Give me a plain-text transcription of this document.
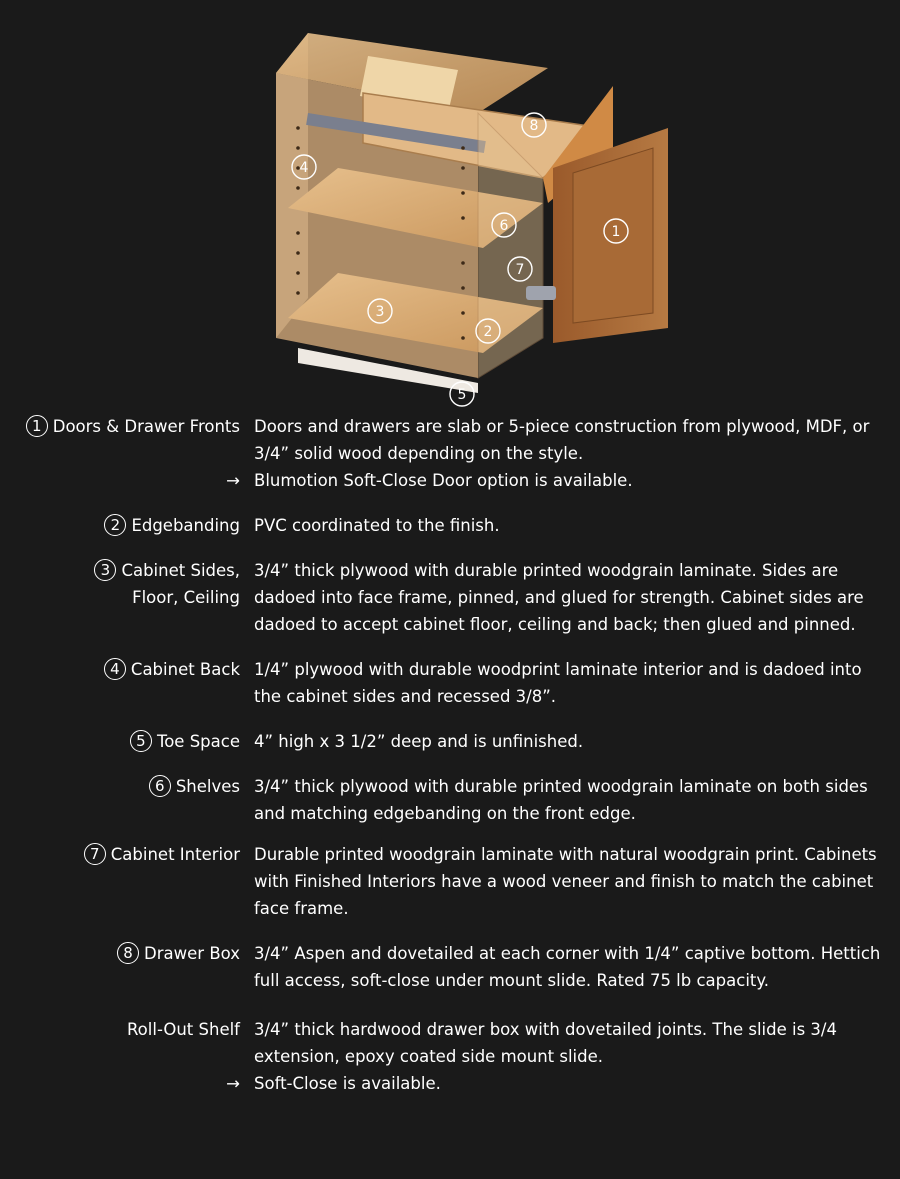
1
2
3
4
5
6
7
8
1 Doors & Drawer Fronts Doors and drawers are slab or 5-piece construction from plywood, MDF, or 3/4” solid wood depending on the style.
→ Blumotion Soft-Close Door option is available.
2 Edgebanding PVC coordinated to the finish.
3 Cabinet Sides,
Floor, Ceiling
3/4” thick plywood with durable printed woodgrain laminate. Sides are dadoed into face frame, pinned, and glued for strength. Cabinet sides are dadoed to accept cabinet floor, ceiling and back; then glued and pinned.
4 Cabinet Back 1/4” plywood with durable woodprint laminate interior and is dadoed into the cabinet sides and recessed 3/8”.
5 Toe Space 4” high x 3 1/2” deep and is unfinished.
6 Shelves 3/4” thick plywood with durable printed woodgrain laminate on both sides and matching edgebanding on the front edge.
7 Cabinet Interior Durable printed woodgrain laminate with natural woodgrain print. Cabinets with Finished Interiors have a wood veneer and finish to match the cabinet face frame.
8 Drawer Box 3/4” Aspen and dovetailed at each corner with 1/4” captive bottom. Hettich full access, soft-close under mount slide. Rated 75 lb capacity.
Roll-Out Shelf 3/4” thick hardwood drawer box with dovetailed joints. The slide is 3/4 extension, epoxy coated side mount slide.
→ Soft-Close is available.
